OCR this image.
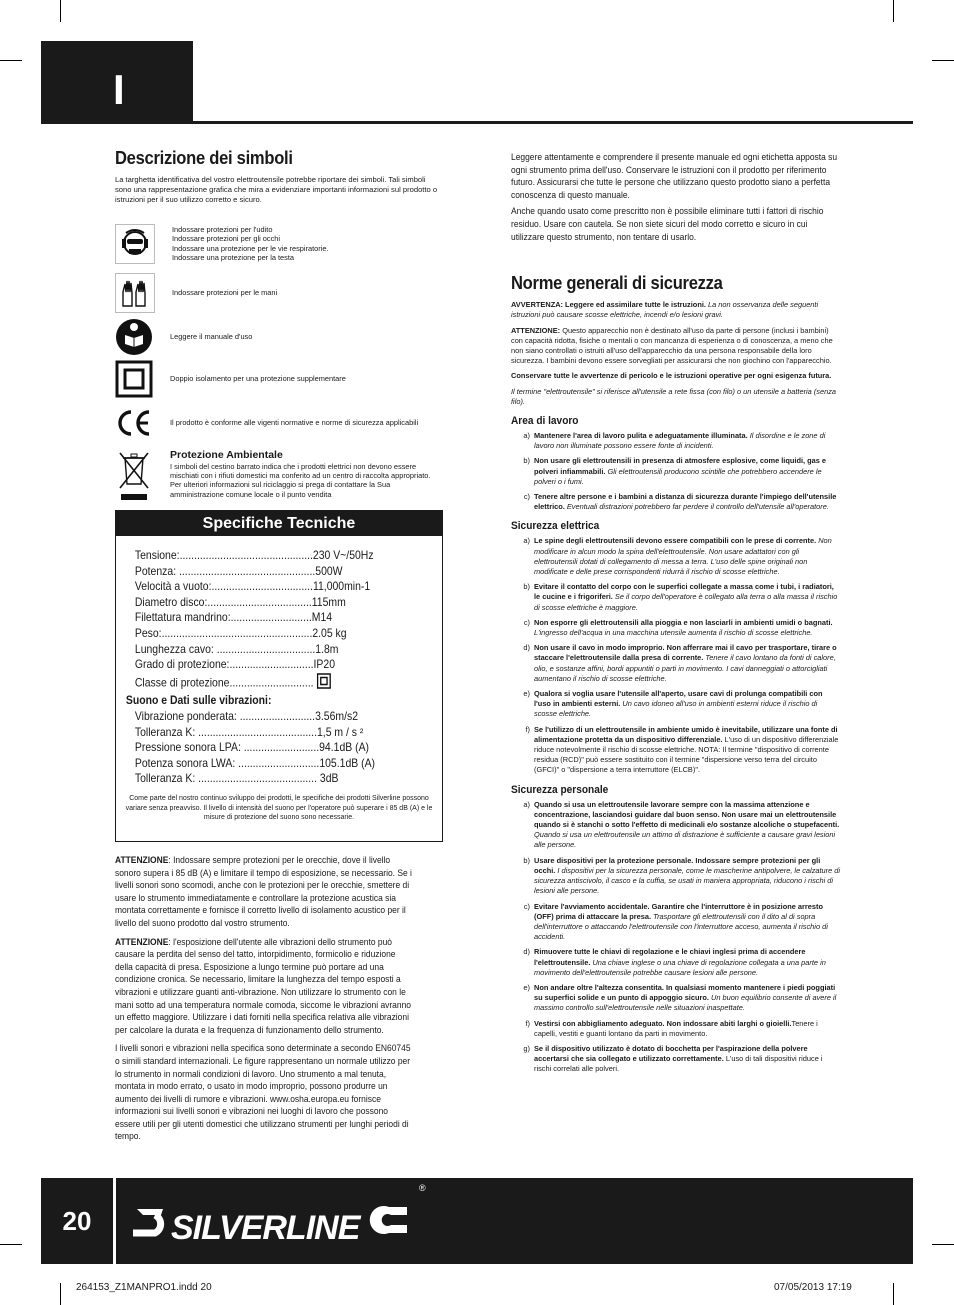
I
Descrizione dei simboli

La targhetta identificativa del vostro elettroutensile potrebbe riportare dei simboli. Tali simboli sono una rappresentazione grafica che mira a evidenziare importanti informazioni sul prodotto o istruzioni per il suo utilizzo corretto e sicuro.

Indossare protezioni per l'udito
Indossare protezioni per gli occhi
Indossare una protezione per le vie respiratorie.
Indossare una protezione per la testa
Indossare protezioni per le mani
Leggere il manuale d'uso
Doppio isolamento per una protezione supplementare
Il prodotto è conforme alle vigenti normative e norme di sicurezza applicabili
Protezione Ambientale
I simboli del cestino barrato indica che i prodotti elettrici non devono essere mischiati con i rifiuti domestici ma conferito ad un centro di raccolta appropriato. Per ulteriori informazioni sul riciclaggio si prega di contattare la Sua amministrazione comune locale o il punto vendita
Specifiche Tecniche
Tensione:..............................................230 V~/50Hz
Potenza: ...............................................500W
Velocità a vuoto:...................................11,000min-1
Diametro disco:....................................115mm
Filettatura mandrino:............................M14
Peso:....................................................2.05 kg
Lunghezza cavo: ..................................1.8m
Grado di protezione:.............................IP20
Classe di protezione.............................
Suono e Dati sulle vibrazioni:
Vibrazione ponderata: ..........................3.56m/s2
Tolleranza K: .........................................1,5 m / s ²
Pressione sonora LPA: ..........................94.1dB (A)
Potenza sonora LWA: ............................105.1dB (A)
Tolleranza K: ......................................... 3dB
Come parte del nostro continuo sviluppo dei prodotti, le specifiche dei prodotti Silverline possono variare senza preavviso. Il livello di intensità del suono per l'operatore può superare i 85 dB (A) e le misure di protezione del suono sono necessarie.

ATTENZIONE: Indossare sempre protezioni per le orecchie, dove il livello sonoro supera i 85 dB (A) e limitare il tempo di esposizione, se necessario. Se i livelli sonori sono scomodi, anche con le protezioni per le orecchie, smettere di usare lo strumento immediatamente e controllare la protezione acustica sia montata correttamente e fornisce il corretto livello di isolamento acustico per il livello del suono prodotto dal vostro strumento.

ATTENZIONE: l'esposizione dell'utente alle vibrazioni dello strumento può causare la perdita del senso del tatto, intorpidimento, formicolio e riduzione della capacità di presa. Esposizione a lungo termine può portare ad una condizione cronica. Se necessario, limitare la lunghezza del tempo esposti a vibrazioni e utilizzare guanti anti-vibrazione. Non utilizzare lo strumento con le mani sotto ad una temperatura normale comoda, siccome le vibrazioni avranno un effetto maggiore. Utilizzare i dati forniti nella specifica relativa alle vibrazioni per calcolare la durata e la frequenza di funzionamento dello strumento.

I livelli sonori e vibrazioni nella specifica sono determinate a secondo EN60745 o simili standard internazionali. Le figure rappresentano un normale utilizzo per lo strumento in normali condizioni di lavoro. Uno strumento a mal tenuta, montata in modo errato, o usato in modo improprio, possono produrre un aumento dei livelli di rumore e vibrazioni. www.osha.europa.eu fornisce informazioni sui livelli sonori e vibrazioni nei luoghi di lavoro che possono essere utili per gli utenti domestici che utilizzano strumenti per lunghi periodi di tempo.

Leggere attentamente e comprendere il presente manuale ed ogni etichetta apposta su ogni strumento prima dell'uso. Conservare le istruzioni con il prodotto per riferimento futuro. Assicurarsi che tutte le persone che utilizzano questo prodotto siano a perfetta conoscenza di questo manuale.

Anche quando usato come prescritto non è possibile eliminare tutti i fattori di rischio residuo. Usare con cautela. Se non siete sicuri del modo corretto e sicuro in cui utilizzare questo strumento, non tentare di usarlo.

Norme generali di sicurezza

AVVERTENZA: Leggere ed assimilare tutte le istruzioni. La non osservanza delle seguenti istruzioni può causare scosse elettriche, incendi e/o lesioni gravi.

ATTENZIONE: Questo apparecchio non è destinato all'uso da parte di persone (inclusi i bambini) con capacità ridotta, fisiche o mentali o con mancanza di esperienza o di conoscenza, a meno che non siano controllati o istruiti all'uso dell'apparecchio da una persona responsabile della loro sicurezza. I bambini devono essere sorvegliati per assicurarsi che non giochino con l'apparecchio.

Conservare tutte le avvertenze di pericolo e le istruzioni operative per ogni esigenza futura.

Il termine "elettroutensile" si riferisce all'utensile a rete fissa (con filo) o un utensile a batteria (senza filo).

Area di lavoro
a) Mantenere l'area di lavoro pulita e adeguatamente illuminata. Il disordine e le zone di lavoro non illuminate possono essere fonte di incidenti.
b) Non usare gli elettroutensili in presenza di atmosfere esplosive, come liquidi, gas e polveri infiammabili. Gli elettroutensili producono scintille che potrebbero accendere le polveri o i fumi.
c) Tenere altre persone e i bambini a distanza di sicurezza durante l'impiego dell'utensile elettrico. Eventuali distrazioni potrebbero far perdere il controllo dell'utensile all'operatore.
Sicurezza elettrica
a) Le spine degli elettroutensili devono essere compatibili con le prese di corrente. Non modificare in alcun modo la spina dell'elettroutensile. Non usare adattatori con gli elettroutensili dotati di collegamento di messa a terra. L'uso delle spine originali non modificate e delle prese corrispondenti ridurrà il rischio di scosse elettriche.
b) Evitare il contatto del corpo con le superfici collegate a massa come i tubi, i radiatori, le cucine e i frigoriferi. Se il corpo dell'operatore è collegato alla terra o alla massa il rischio di scosse elettriche è maggiore.
c) Non esporre gli elettroutensili alla pioggia e non lasciarli in ambienti umidi o bagnati. L'ingresso dell'acqua in una macchina utensile aumenta il rischio di scosse elettriche.
d) Non usare il cavo in modo improprio. Non afferrare mai il cavo per trasportare, tirare o staccare l'elettroutensile dalla presa di corrente. Tenere il cavo lontano da fonti di calore, olio, e sostanze affini, bordi appuntiti o parti in movimento. I cavi danneggiati o attorcigliati aumentano il rischio di scosse elettriche.
e) Qualora si voglia usare l'utensile all'aperto, usare cavi di prolunga compatibili con l'uso in ambienti esterni. Un cavo idoneo all'uso in ambienti esterni riduce il rischio di scosse elettriche.
f) Se l'utilizzo di un elettroutensile in ambiente umido è inevitabile, utilizzare una fonte di alimentazione protetta da un dispositivo differenziale. L'uso di un dispositivo differenziale riduce notevolmente il rischio di scosse elettriche. NOTA: Il termine "dispositivo di corrente residua (RCD)" può essere sostituito con il termine "dispersione verso terra del circuito (GFCI)" o "dispersione a terra interruttore (ELCB)".
Sicurezza personale
a) Quando si usa un elettroutensile lavorare sempre con la massima attenzione e concentrazione, lasciandosi guidare dal buon senso. Non usare mai un elettroutensile quando si è stanchi o sotto l'effetto di medicinali e/o sostanze alcoliche o stupefacenti. Quando si usa un elettroutensile un attimo di distrazione è sufficiente a causare gravi lesioni alle persone.
b) Usare dispositivi per la protezione personale. Indossare sempre protezioni per gli occhi. I dispositivi per la sicurezza personale, come le mascherine antipolvere, le calzature di sicurezza antiscivolo, il casco e la cuffia, se usati in maniera appropriata, riducono i rischi di lesioni alle persone.
c) Evitare l'avviamento accidentale. Garantire che l'interruttore è in posizione arresto (OFF) prima di attaccare la presa. Trasportare gli elettroutensili con il dito al di sopra dell'interruttore o attaccando l'elettroutensile con l'interruttore acceso, aumenta il rischio di accidenti.
d) Rimuovere tutte le chiavi di regolazione e le chiavi inglesi prima di accendere l'elettroutensile. Una chiave inglese o una chiave di regolazione collegata a una parte in movimento dell'elettroutensile potrebbe causare lesioni alle persone.
e) Non andare oltre l'altezza consentita. In qualsiasi momento mantenere i piedi poggiati su superfici solide e un punto di appoggio sicuro. Un buon equilibrio consente di avere il massimo controllo sull'elettroutensile nelle situazioni inaspettate.
f) Vestirsi con abbigliamento adeguato. Non indossare abiti larghi o gioielli.Tenere i capelli, vestiti e guanti lontano da parti in movimento.
g) Se il dispositivo utilizzato è dotato di bocchetta per l'aspirazione della polvere accertarsi che sia collegato e utilizzato correttamente. L'uso di tali dispositivi riduce i rischi correlati alle polveri.
20	SILVERLINE
®
264153_Z1MANPRO1.indd 20	07/05/2013 17:19
